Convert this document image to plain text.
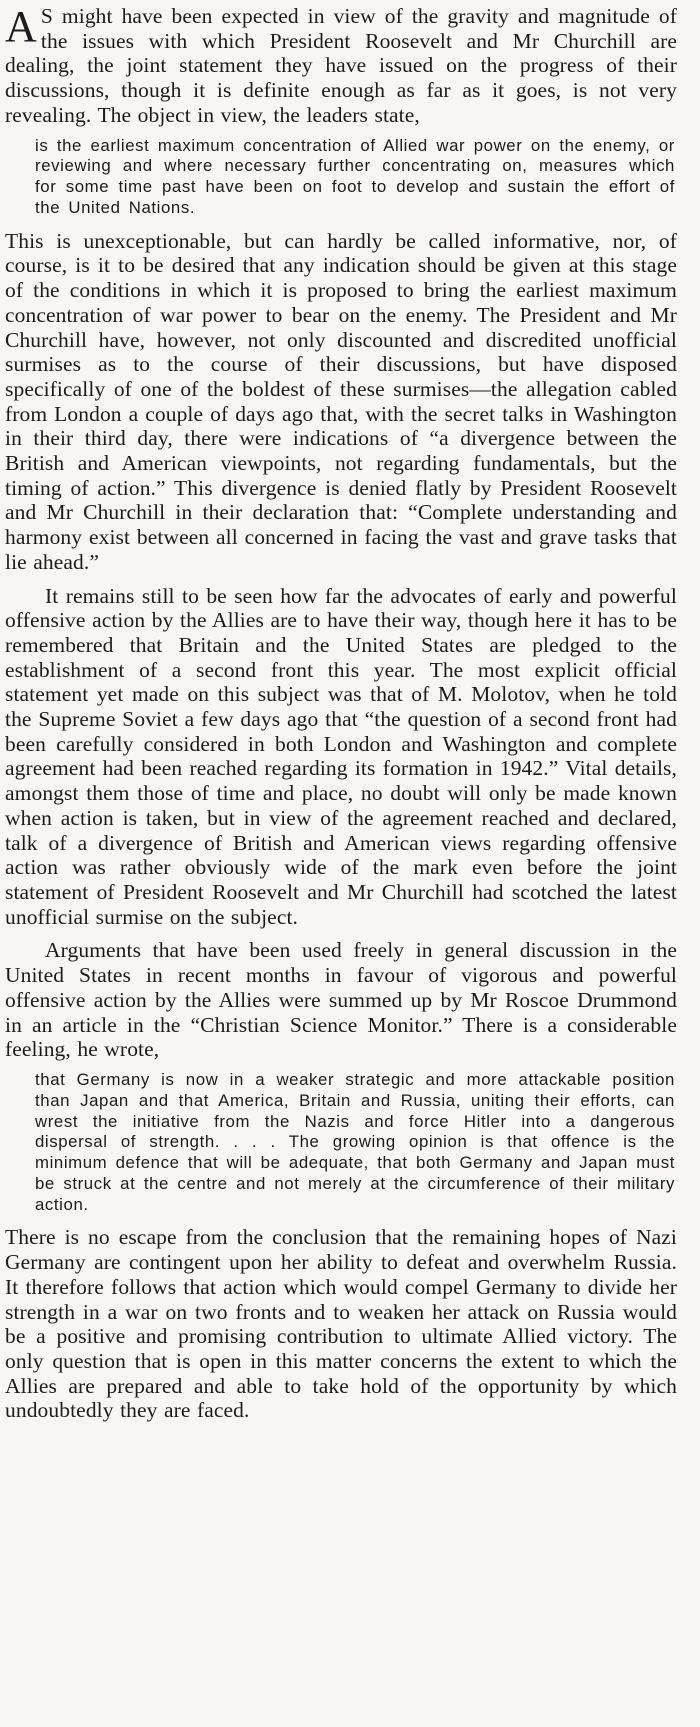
A S might have been expected in view of the gravity and magnitude of the issues with which President Roosevelt and Mr Churchill are dealing, the joint statement they have issued on the progress of their discussions, though it is definite enough as far as it goes, is not very revealing. The object in view, the leaders state,

is the earliest maximum concentration of Allied war power on the enemy, or reviewing and where necessary further concentrating on, measures which for some time past have been on foot to develop and sustain the effort of the United Nations.

This is unexceptionable, but can hardly be called informative, nor, of course, is it to be desired that any indication should be given at this stage of the conditions in which it is proposed to bring the earliest maximum concentration of war power to bear on the enemy. The President and Mr Churchill have, however, not only discounted and discredited unofficial surmises as to the course of their discussions, but have disposed specifically of one of the boldest of these surmises—the allegation cabled from London a couple of days ago that, with the secret talks in Washington in their third day, there were indications of “a divergence between the British and American viewpoints, not regarding fundamentals, but the timing of action.” This divergence is denied flatly by President Roosevelt and Mr Churchill in their declaration that: “Complete understanding and harmony exist between all concerned in facing the vast and grave tasks that lie ahead.”

It remains still to be seen how far the advocates of early and powerful offensive action by the Allies are to have their way, though here it has to be remembered that Britain and the United States are pledged to the establishment of a second front this year. The most explicit official statement yet made on this subject was that of M. Molotov, when he told the Supreme Soviet a few days ago that “the question of a second front had been carefully considered in both London and Washington and complete agreement had been reached regarding its formation in 1942.” Vital details, amongst them those of time and place, no doubt will only be made known when action is taken, but in view of the agreement reached and declared, talk of a divergence of British and American views regarding offensive action was rather obviously wide of the mark even before the joint statement of President Roosevelt and Mr Churchill had scotched the latest unofficial surmise on the subject.

Arguments that have been used freely in general discussion in the United States in recent months in favour of vigorous and powerful offensive action by the Allies were summed up by Mr Roscoe Drummond in an article in the “Christian Science Monitor.” There is a considerable feeling, he wrote,

that Germany is now in a weaker strategic and more attackable position than Japan and that America, Britain and Russia, uniting their efforts, can wrest the initiative from the Nazis and force Hitler into a dangerous dispersal of strength. . . . The growing opinion is that offence is the minimum defence that will be adequate, that both Germany and Japan must be struck at the centre and not merely at the circumference of their military action.

There is no escape from the conclusion that the remaining hopes of Nazi Germany are contingent upon her ability to defeat and overwhelm Russia. It therefore follows that action which would compel Germany to divide her strength in a war on two fronts and to weaken her attack on Russia would be a positive and promising contribution to ultimate Allied victory. The only question that is open in this matter concerns the extent to which the Allies are prepared and able to take hold of the opportunity by which undoubtedly they are faced.
